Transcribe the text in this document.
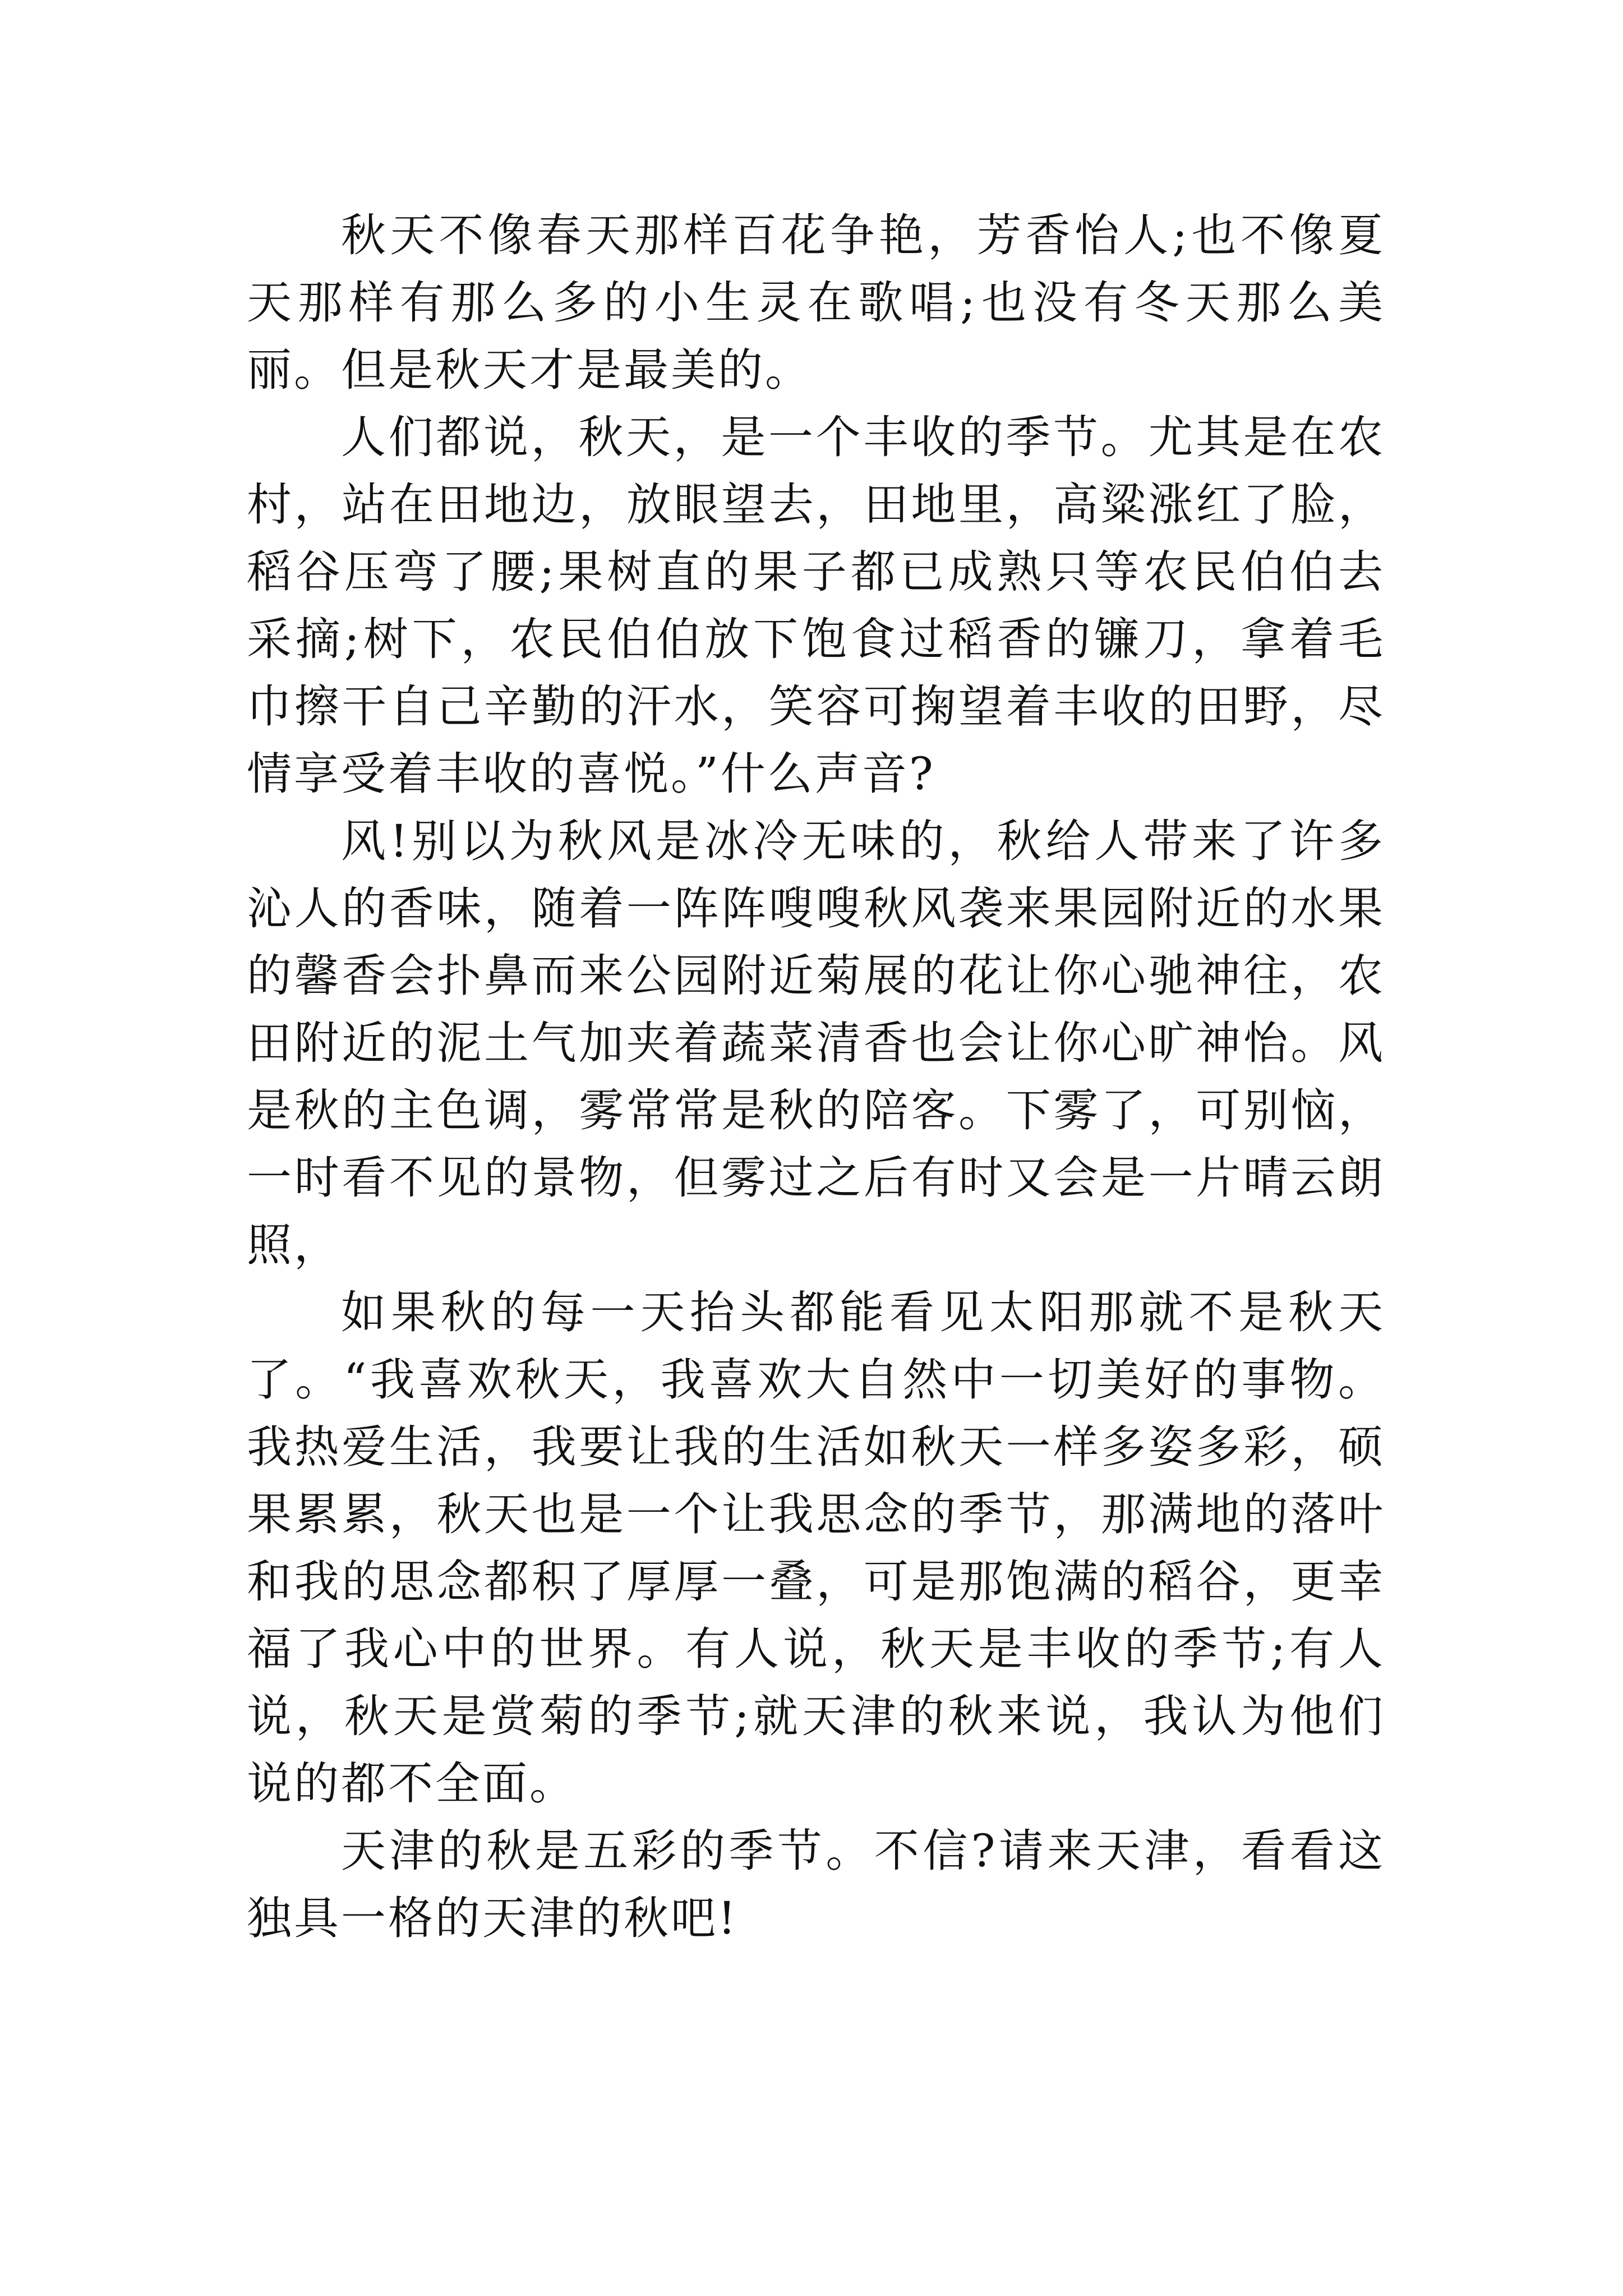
秋天不像春天那样百花争艳，芳香怡人;也不像夏天那样有那么多的小生灵在歌唱;也没有冬天那么美丽。但是秋天才是最美的。

人们都说，秋天，是一个丰收的季节。尤其是在农村，站在田地边，放眼望去，田地里，高粱涨红了脸，稻谷压弯了腰;果树直的果子都已成熟只等农民伯伯去采摘;树下，农民伯伯放下饱食过稻香的镰刀，拿着毛巾擦干自己辛勤的汗水，笑容可掬望着丰收的田野，尽情享受着丰收的喜悦。”什么声音?

风!别以为秋风是冰冷无味的，秋给人带来了许多沁人的香味，随着一阵阵嗖嗖秋风袭来果园附近的水果的馨香会扑鼻而来公园附近菊展的花让你心驰神往，农田附近的泥土气加夹着蔬菜清香也会让你心旷神怡。风是秋的主色调，雾常常是秋的陪客。下雾了，可别恼，一时看不见的景物，但雾过之后有时又会是一片晴云朗照，

如果秋的每一天抬头都能看见太阳那就不是秋天了。“我喜欢秋天，我喜欢大自然中一切美好的事物。我热爱生活，我要让我的生活如秋天一样多姿多彩，硕果累累，秋天也是一个让我思念的季节，那满地的落叶和我的思念都积了厚厚一叠，可是那饱满的稻谷，更幸福了我心中的世界。有人说，秋天是丰收的季节;有人说，秋天是赏菊的季节;就天津的秋来说，我认为他们说的都不全面。

天津的秋是五彩的季节。不信?请来天津，看看这独具一格的天津的秋吧!
